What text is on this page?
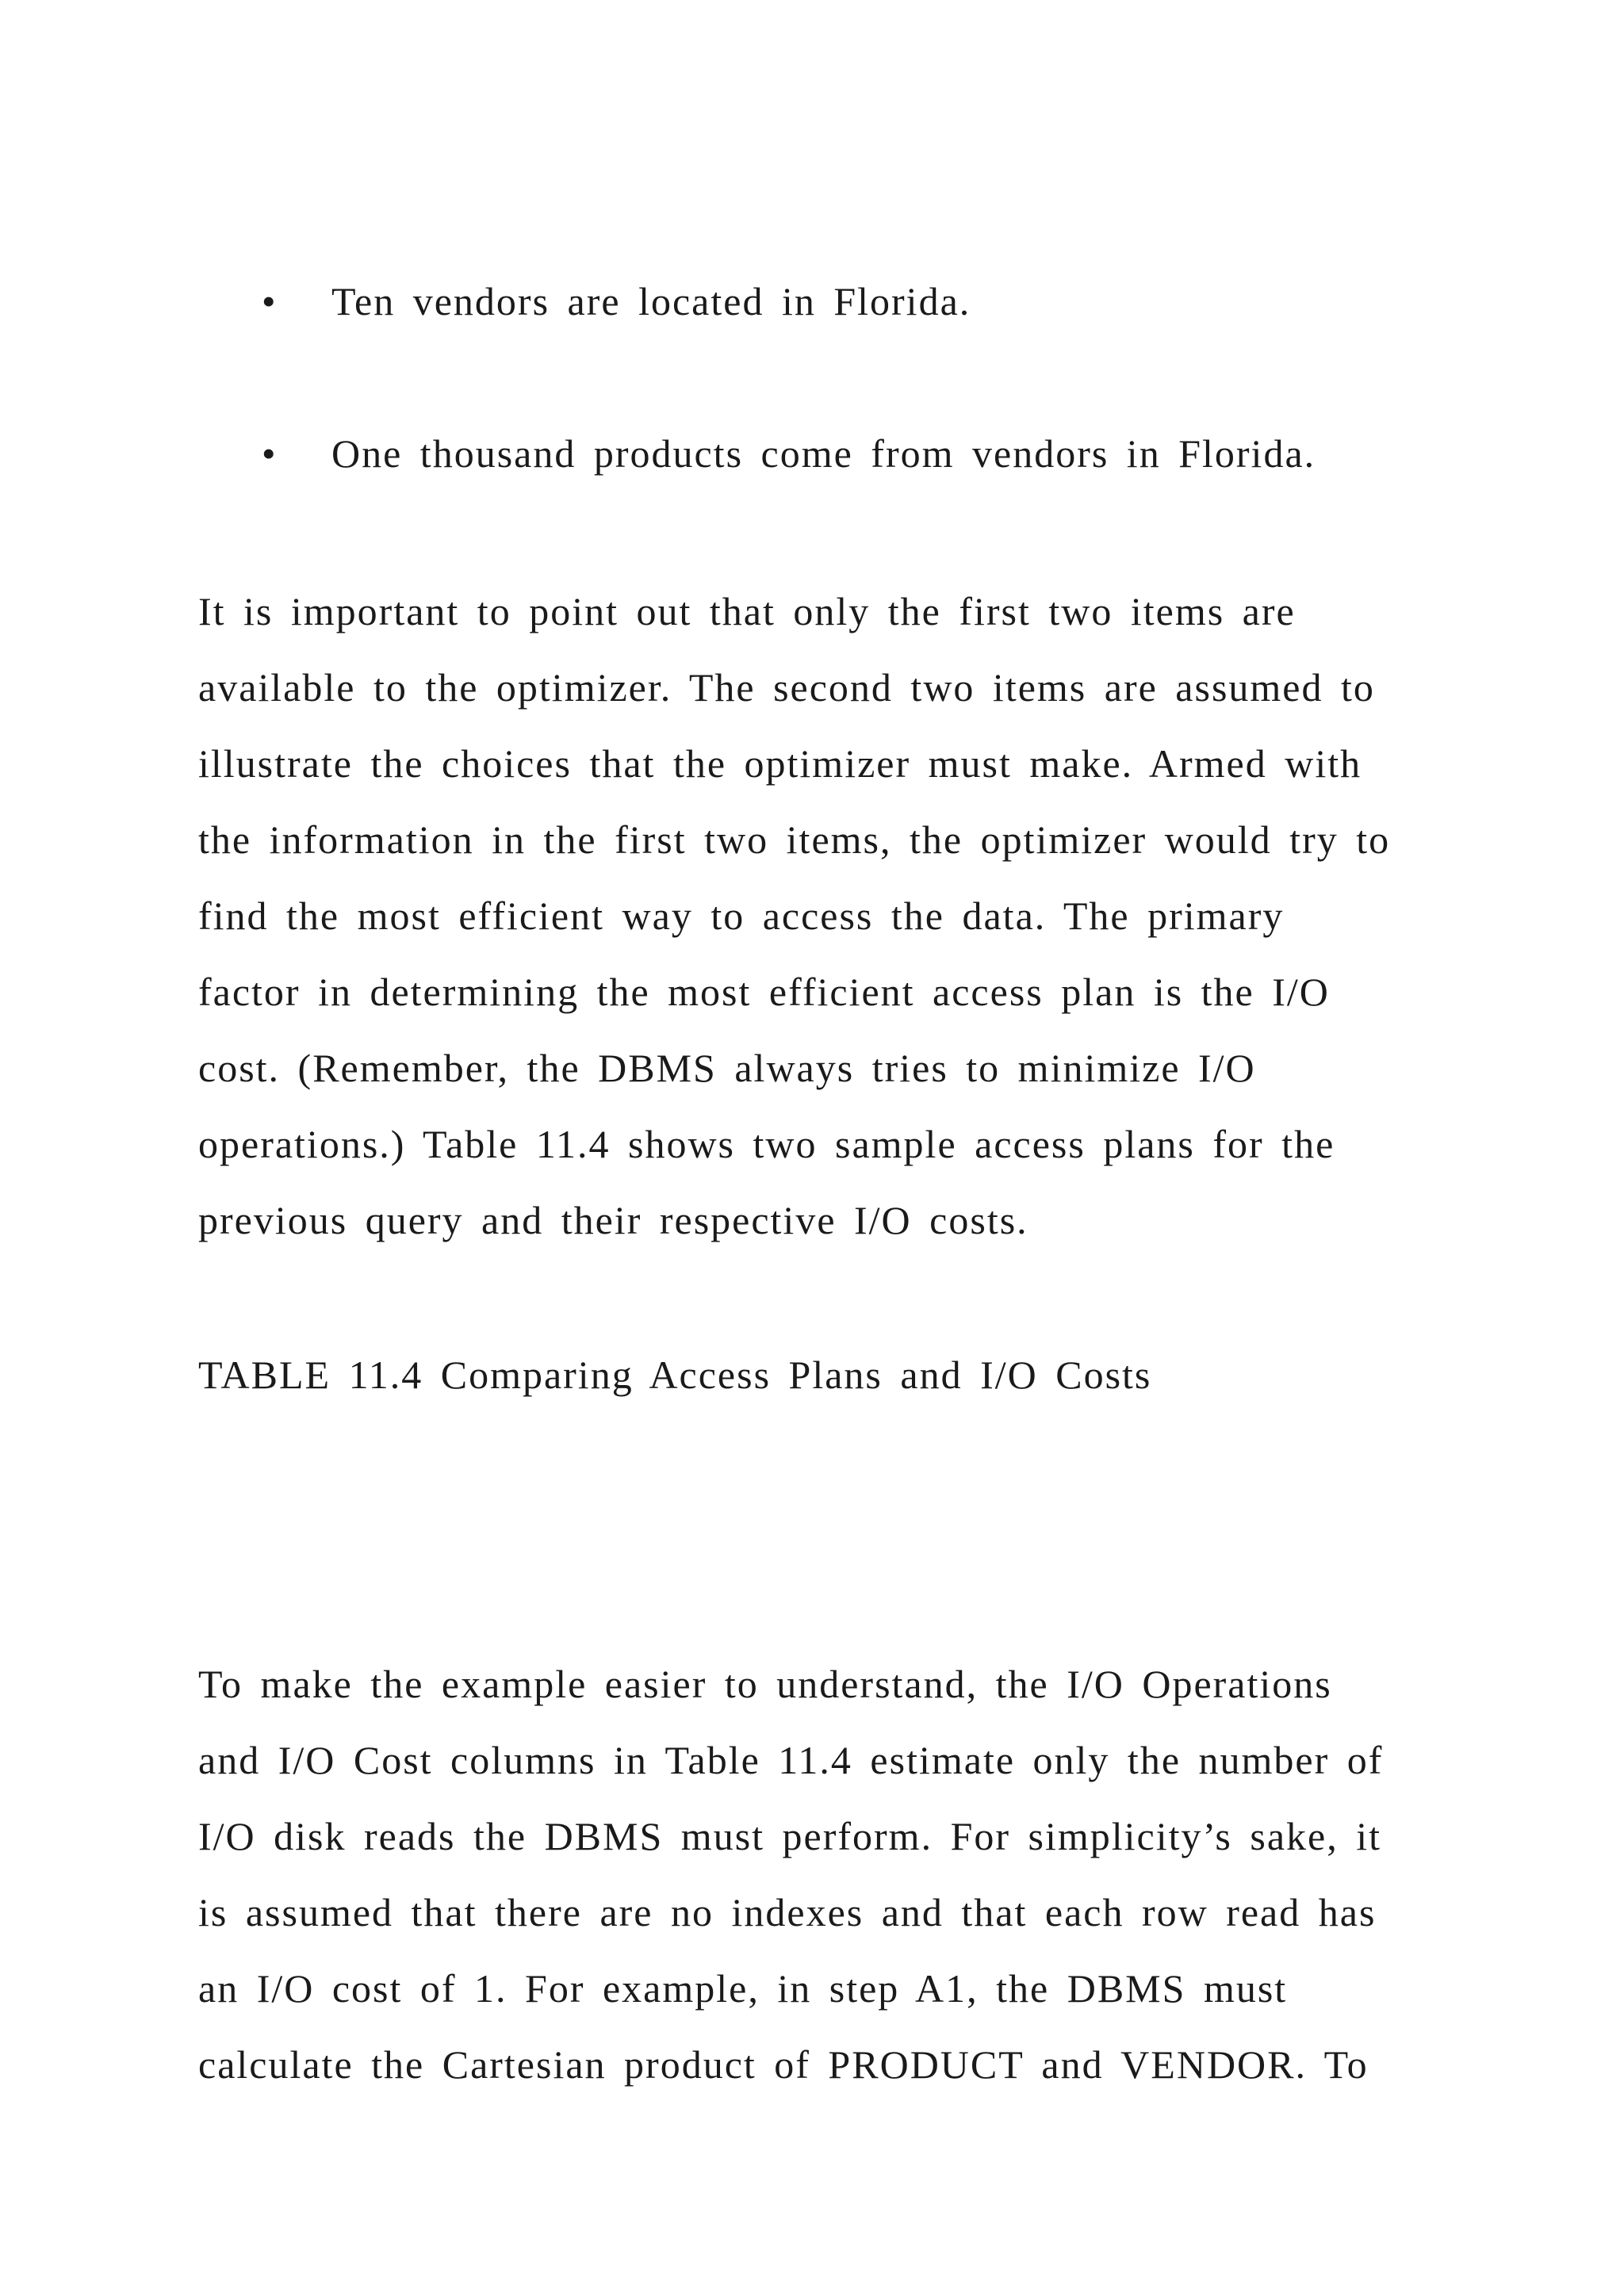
• Ten vendors are located in Florida.
• One thousand products come from vendors in Florida.
It is important to point out that only the first two items are
available to the optimizer. The second two items are assumed to
illustrate the choices that the optimizer must make. Armed with
the information in the first two items, the optimizer would try to
find the most efficient way to access the data. The primary
factor in determining the most efficient access plan is the I/O
cost. (Remember, the DBMS always tries to minimize I/O
operations.) Table 11.4 shows two sample access plans for the
previous query and their respective I/O costs.
TABLE 11.4 Comparing Access Plans and I/O Costs
To make the example easier to understand, the I/O Operations
and I/O Cost columns in Table 11.4 estimate only the number of
I/O disk reads the DBMS must perform. For simplicity’s sake, it
is assumed that there are no indexes and that each row read has
an I/O cost of 1. For example, in step A1, the DBMS must
calculate the Cartesian product of PRODUCT and VENDOR. To
